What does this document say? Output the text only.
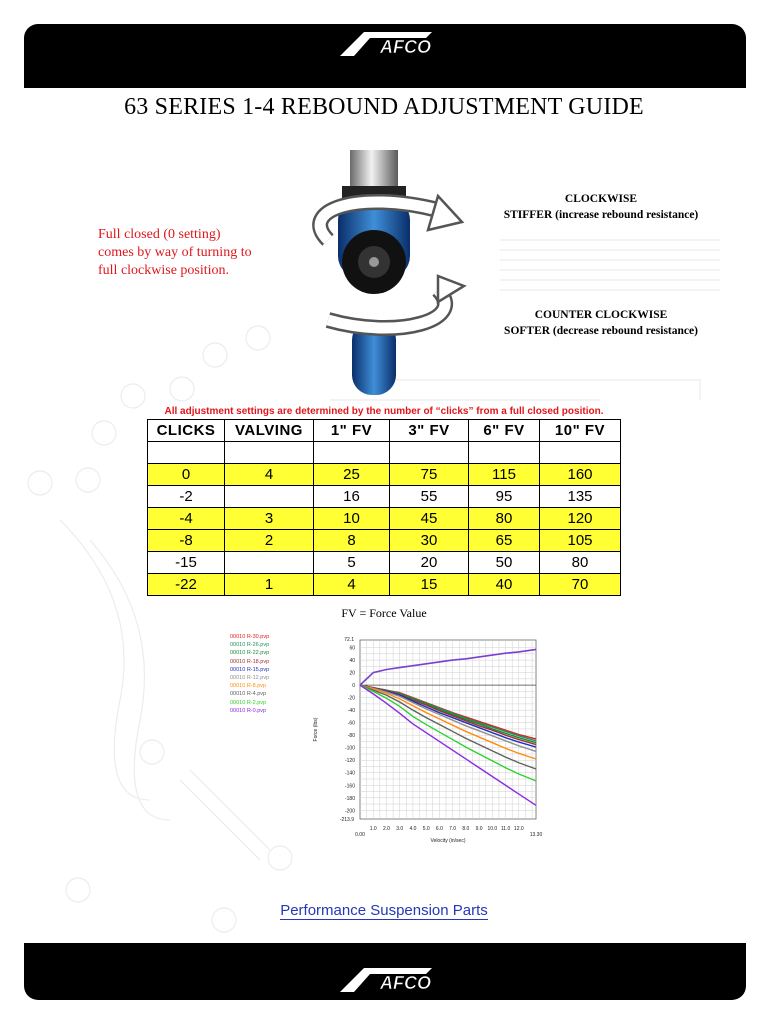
AFCO
AFCO
63 SERIES 1-4 REBOUND ADJUSTMENT GUIDE
Full closed (0 setting)
comes by way of turning to
full clockwise position.
CLOCKWISE
STIFFER (increase rebound resistance)
COUNTER CLOCKWISE
SOFTER (decrease rebound resistance)
All adjustment settings are determined by the number of “clicks” from a full closed position.
CLICKS	VALVING	1" FV	3" FV	6" FV	10" FV

0	4	25	75	115	160
-2		16	55	95	135
-4	3	10	45	80	120
-8	2	8	30	65	105
-15		5	20	50	80
-22	1	4	15	40	70
FV = Force Value
00010 R-30.pvp
00010 R-26.pvp
00010 R-22.pvp
00010 R-18.pvp
00010 R-15.pvp
00010 R-12.pvp
00010 R-8.pvp
00010 R-4.pvp
00010 R-2.pvp
00010 R-0.pvp
60
40
20
0
-20
-40
-60
-80
-100
-120
-140
-160
-180
-200
72.1
-213.9
1.0 2.0 3.0 4.0 5.0 6.0 7.0 8.0 9.0 10.0 11.0 12.0
0.00	13.30
Velocity (in/sec)
Force (lbs)
Performance Suspension Parts
